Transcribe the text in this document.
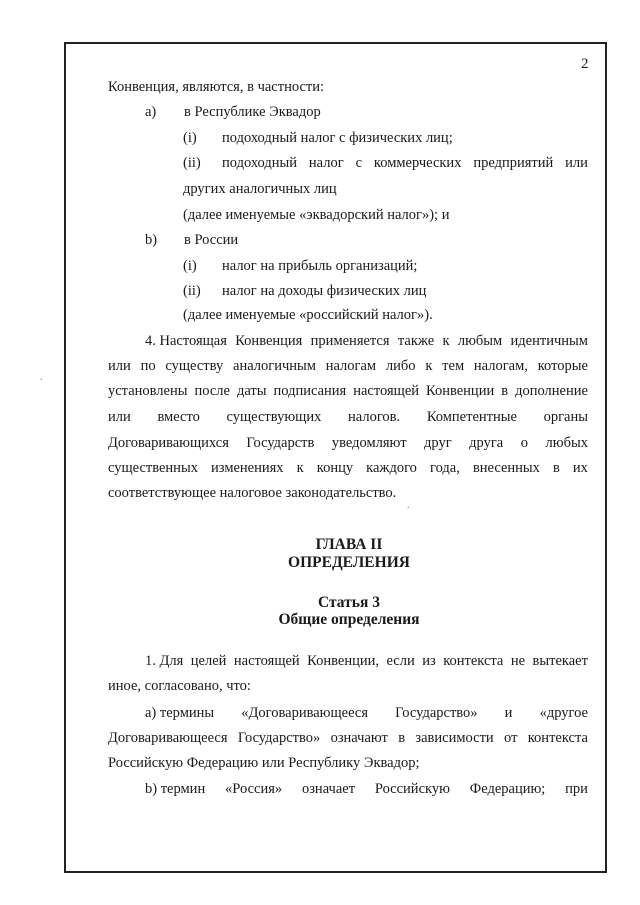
.
.
2
Конвенция, являются, в частности:
a) в Республике Эквадор
(i) подоходный налог с физических лиц;
(ii) подоходный налог с коммерческих предприятий или
других аналогичных лиц
(далее именуемые «эквадорский налог»); и
b) в России
(i) налог на прибыль организаций;
(ii) налог на доходы физических лиц
(далее именуемые «российский налог»).
4. Настоящая Конвенция применяется также к любым идентичным
или по существу аналогичным налогам либо к тем налогам, которые
установлены после даты подписания настоящей Конвенции в дополнение
или вместо существующих налогов. Компетентные органы
Договаривающихся Государств уведомляют друг друга о любых
существенных изменениях к концу каждого года, внесенных в их
соответствующее налоговое законодательство.
ГЛАВА II
ОПРЕДЕЛЕНИЯ
Статья 3
Общие определения
1. Для целей настоящей Конвенции, если из контекста не вытекает
иное, согласовано, что:
а) термины «Договаривающееся Государство» и «другое
Договаривающееся Государство» означают в зависимости от контекста
Российскую Федерацию или Республику Эквадор;
b) термин «Россия» означает Российскую Федерацию; при
